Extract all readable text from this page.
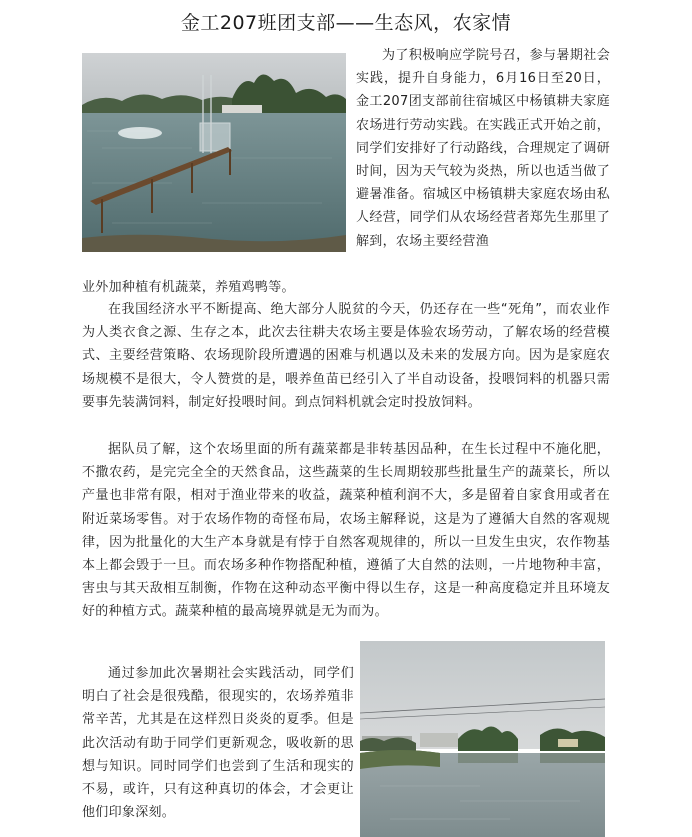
金工207班团支部——生态风，农家情
为了积极响应学院号召，参与暑期社会实践，提升自身能力，6月16日至20日，金工207团支部前往宿城区中杨镇耕夫家庭农场进行劳动实践。在实践正式开始之前，同学们安排好了行动路线，合理规定了调研时间，因为天气较为炎热，所以也适当做了避暑准备。宿城区中杨镇耕夫家庭农场由私人经营，同学们从农场经营者郑先生那里了解到，农场主要经营渔
业外加种植有机蔬菜，养殖鸡鸭等。

在我国经济水平不断提高、绝大部分人脱贫的今天，仍还存在一些“死角”，而农业作为人类衣食之源、生存之本，此次去往耕夫农场主要是体验农场劳动，了解农场的经营模式、主要经营策略、农场现阶段所遭遇的困难与机遇以及未来的发展方向。因为是家庭农场规模不是很大，令人赞赏的是，喂养鱼苗已经引入了半自动设备，投喂饲料的机器只需要事先装满饲料，制定好投喂时间。到点饲料机就会定时投放饲料。

据队员了解，这个农场里面的所有蔬菜都是非转基因品种，在生长过程中不施化肥，不撒农药，是完完全全的天然食品，这些蔬菜的生长周期较那些批量生产的蔬菜长，所以产量也非常有限，相对于渔业带来的收益，蔬菜种植利润不大，多是留着自家食用或者在附近菜场零售。对于农场作物的奇怪布局，农场主解释说，这是为了遵循大自然的客观规律，因为批量化的大生产本身就是有悖于自然客观规律的，所以一旦发生虫灾，农作物基本上都会毁于一旦。而农场多种作物搭配种植，遵循了大自然的法则，一片地物种丰富，害虫与其天敌相互制衡，作物在这种动态平衡中得以生存，这是一种高度稳定并且环境友好的种植方式。蔬菜种植的最高境界就是无为而为。

通过参加此次暑期社会实践活动，同学们明白了社会是很残酷，很现实的，农场养殖非常辛苦，尤其是在这样烈日炎炎的夏季。但是此次活动有助于同学们更新观念，吸收新的思想与知识。同时同学们也尝到了生活和现实的不易，或许，只有这种真切的体会，才会更让他们印象深刻。
